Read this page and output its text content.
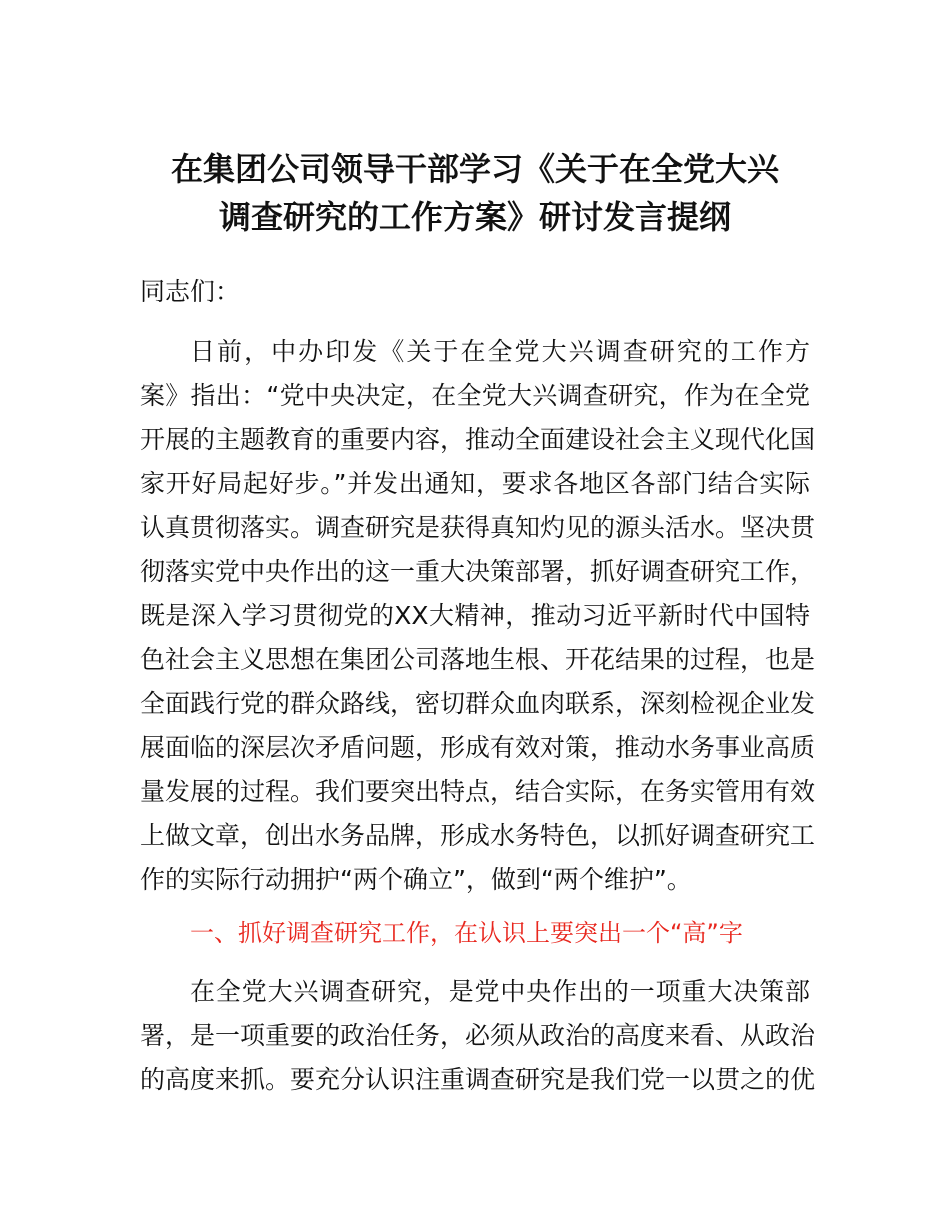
在集团公司领导干部学习《关于在全党大兴
调查研究的工作方案》研讨发言提纲
同志们：
日前，中办印发《关于在全党大兴调查研究的工作方
案》指出：“党中央决定，在全党大兴调查研究，作为在全党
开展的主题教育的重要内容，推动全面建设社会主义现代化国
家开好局起好步。”并发出通知，要求各地区各部门结合实际
认真贯彻落实。调查研究是获得真知灼见的源头活水。坚决贯
彻落实党中央作出的这一重大决策部署，抓好调查研究工作，
既是深入学习贯彻党的XX大精神，推动习近平新时代中国特
色社会主义思想在集团公司落地生根、开花结果的过程，也是
全面践行党的群众路线，密切群众血肉联系，深刻检视企业发
展面临的深层次矛盾问题，形成有效对策，推动水务事业高质
量发展的过程。我们要突出特点，结合实际，在务实管用有效
上做文章，创出水务品牌，形成水务特色，以抓好调查研究工
作的实际行动拥护“两个确立”，做到“两个维护”。
一、抓好调查研究工作，在认识上要突出一个“高”字
在全党大兴调查研究，是党中央作出的一项重大决策部
署，是一项重要的政治任务，必须从政治的高度来看、从政治
的高度来抓。要充分认识注重调查研究是我们党一以贯之的优
